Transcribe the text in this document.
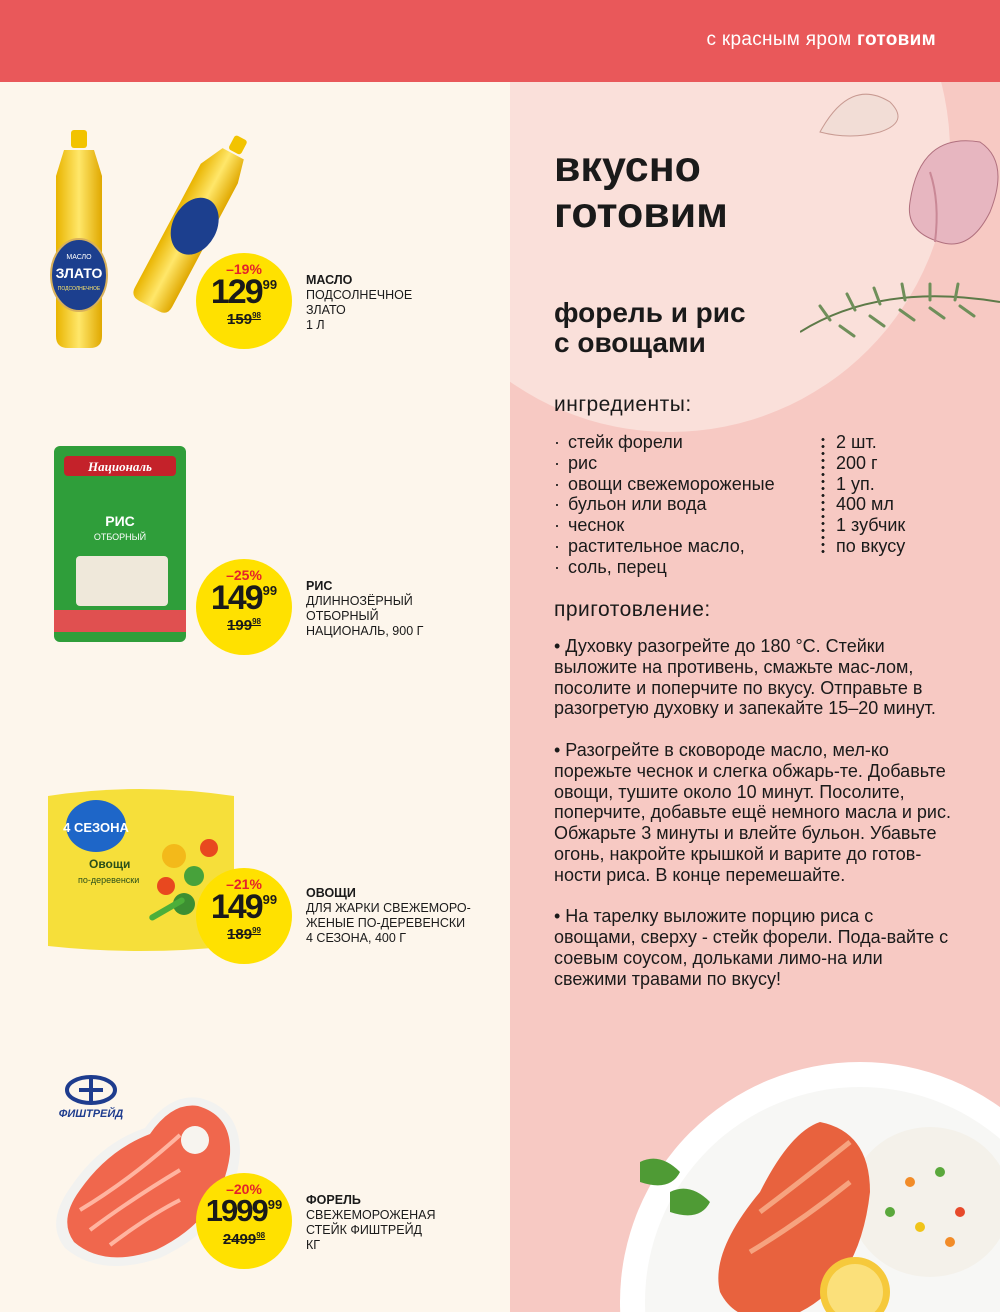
с красным яром готовим
МАСЛО
ЗЛАТО
ПОДСОЛНЕЧНОЕ
–19%
$129^{99}$
$159^{98}$
МАСЛО
ПОДСОЛНЕЧНОЕ
ЗЛАТО
1 Л
Националь
РИС
ОТБОРНЫЙ
–25%
$149^{99}$
$199^{98}$
РИС
ДЛИННОЗЁРНЫЙ
ОТБОРНЫЙ
НАЦИОНАЛЬ, 900 Г
4 СЕЗОНА
Овощи
по-деревенски	–21%
$149^{99}$
$189^{99}$
ОВОЩИ
ДЛЯ ЖАРКИ СВЕЖЕМОРО-
ЖЕНЫЕ ПО-ДЕРЕВЕНСКИ
4 СЕЗОНА, 400 Г
ФИШТРЕЙД
–20%
1999$^{99}$
2499$^{98}$
ФОРЕЛЬ
СВЕЖЕМОРОЖЕНАЯ
СТЕЙК ФИШТРЕЙД
КГ
вкусно
готовим
форель и рис
с овощами
ингредиенты:
· стейк форели	2 шт.
· рис	200 г
· овощи свежемороженые	1 уп.
· бульон или вода	400 мл
· чеснок	1 зубчик
· растительное масло,	по вкусу
· соль, перец
приготовление:
• Духовку разогрейте до 180 °С. Стейки выложите на противень, смажьте мас-лом, посолите и поперчите по вкусу. Отправьте в разогретую духовку и запекайте 15–20 минут.
• Разогрейте в сковороде масло, мел-ко порежьте чеснок и слегка обжарь-те. Добавьте овощи, тушите около 10 минут. Посолите, поперчите, добавьте ещё немного масла и рис. Обжарьте 3 минуты и влейте бульон. Убавьте огонь, накройте крышкой и варите до готов-ности риса. В конце перемешайте.
• На тарелку выложите порцию риса с овощами, сверху - стейк форели. Пода-вайте с соевым соусом, дольками лимо-на или свежими травами по вкусу!
